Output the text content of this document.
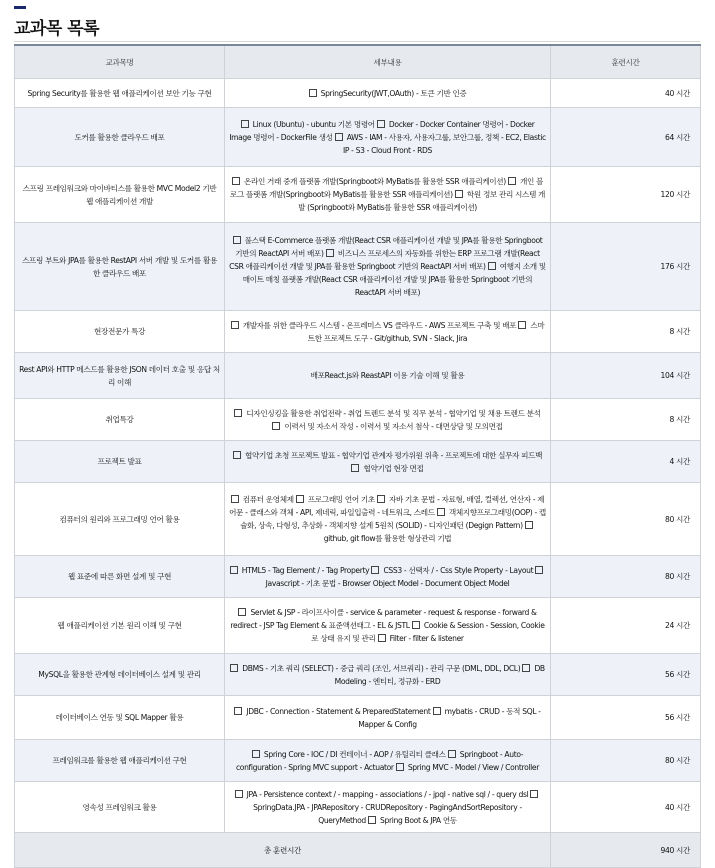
교과목 목록
교과목명	세부내용	훈련시간
Spring Security를 활용한 웹 애플리케이션 보안 기능 구현	SpringSecurity(JWT,OAuth) - 토큰 기반 인증	40 시간
도커를 활용한 클라우드 배포	Linux (Ubuntu) - ubuntu 기본 명령어  Docker - Docker Container 명령어 - Docker Image 명령어 - DockerFile 생성  AWS - IAM - 사용자, 사용자그룹, 보안그룹, 정책 - EC2, Elastic IP - S3 - Cloud Front - RDS	64 시간
스프링 프레임워크와 마이바티스를 활용한 MVC Model2 기반 웹 애플리케이션 개발	온라인 거래 중개 플랫폼 개발(Springboot와 MyBatis를 활용한 SSR 애플리케이션)  개인 블로그 플랫폼 개발(Springboot와 MyBatis를 활용한 SSR 애플리케이션)  학원 정보 관리 시스템 개발 (Springboot와 MyBatis를 활용한 SSR 애플리케이션)	120 시간
스프링 부트와 JPA를 활용한 RestAPI 서버 개발 및 도커를 활용한 클라우드 배포	풀스택 E-Commerce 플랫폼 개발(React CSR 애플리케이션 개발 및 JPA를 활용한 Springboot 기반의 ReactAPI 서버 배포)  비즈니스 프로세스의 자동화를 위한는 ERP 프로그램 개발(React CSR 애플리케이션 개발 및 JPA를 활용한 Springboot 기반의 ReactAPI 서버 배포)  여행지 소개 및 매이트 매칭 플랫폼 개발(React CSR 애플리케이션 개발 및 JPA를 활용한 Springboot 기반의 ReactAPI 서버 배포)	176 시간
현장전문가 특강	개발자를 위한 클라우드 시스템 - 온프레미스 VS 클라우드 - AWS 프로젝트 구축 및 배포  스마트한 프로젝트 도구 - Git/github, SVN - Slack, Jira	8 시간
Rest API와 HTTP 메스드를 활용한 JSON 데이터 호출 및 응답 처리 이해	배포React.js와 ReastAPI 이용 기술 이해 및 활용	104 시간
취업특강	디자인싱킹을 활용한 취업전략 - 취업 트렌드 분석 및 직무 분석 - 협약기업 및 채용 트렌드 분석  이력서 및 자소서 작성 - 이력서 및 자소서 첨삭 - 대면상담 및 모의면접	8 시간
프로젝트 발표	협약기업 초청 프로젝트 발표 - 협약기업 관계자 평가위원 위촉 - 프로젝트에 대한 실무자 피드백  협약기업 현장 면접	4 시간
컴퓨터의 원리와 프로그래밍 언어 활용	컴퓨터 운영체제  프로그래밍 언어 기초  자바 기초 문법 - 자료형, 배열, 컬렉션, 연산자 - 제어문 - 클래스와 객체 - API, 제네릭, 파일입출력 - 네트워크, 스레드  객체지향프로그래밍(OOP) - 캡슐화, 상속, 다형성, 추상화 - 객체지향 설계 5원칙 (SOLID) - 디자인패턴 (Degign Pattern)  github, git flow를 활용한 형상관리 기법	80 시간
웹 표준에 따른 화면 설계 및 구현	HTML5 - Tag Element / - Tag Property  CSS3 - 선택자 / - Css Style Property - Layout  Javascript - 기초 문법 - Browser Object Model - Document Object Model	80 시간
웹 애플리케이션 기본 원리 이해 및 구현	Servlet & JSP - 라이프사이클 - service & parameter - request & response - forward & redirect - JSP Tag Element & 표준액션태그 - EL & JSTL  Cookie & Session - Session, Cookie로 상태 유지 및 관리  Filter - filter & listener	24 시간
MySQL을 활용한 관계형 데이터베이스 설계 및 관리	DBMS - 기초 쿼리 (SELECT) - 중급 쿼리 (조인, 서브쿼리) - 관리 구문 (DML, DDL, DCL)  DB Modeling - 엔티티, 정규화 - ERD	56 시간
데이터베이스 연동 및 SQL Mapper 활용	JDBC - Connection - Statement & PreparedStatement  mybatis - CRUD - 동적 SQL - Mapper & Config	56 시간
프레임워크를 활용한 웹 애플리케이션 구현	Spring Core - IOC / DI 컨테이너 - AOP / 유틸리티 클래스  Springboot - Auto-configuration - Spring MVC support - Actuator  Spring MVC - Model / View / Controller	80 시간
영속성 프레임워크 활용	JPA - Persistence context / - mapping - associations / - jpql - native sql / - query dsl  SpringData.JPA - JPARepository - CRUDRepository - PagingAndSortRepository - QueryMethod  Spring Boot & JPA 연동	40 시간
총 훈련시간		940 시간
